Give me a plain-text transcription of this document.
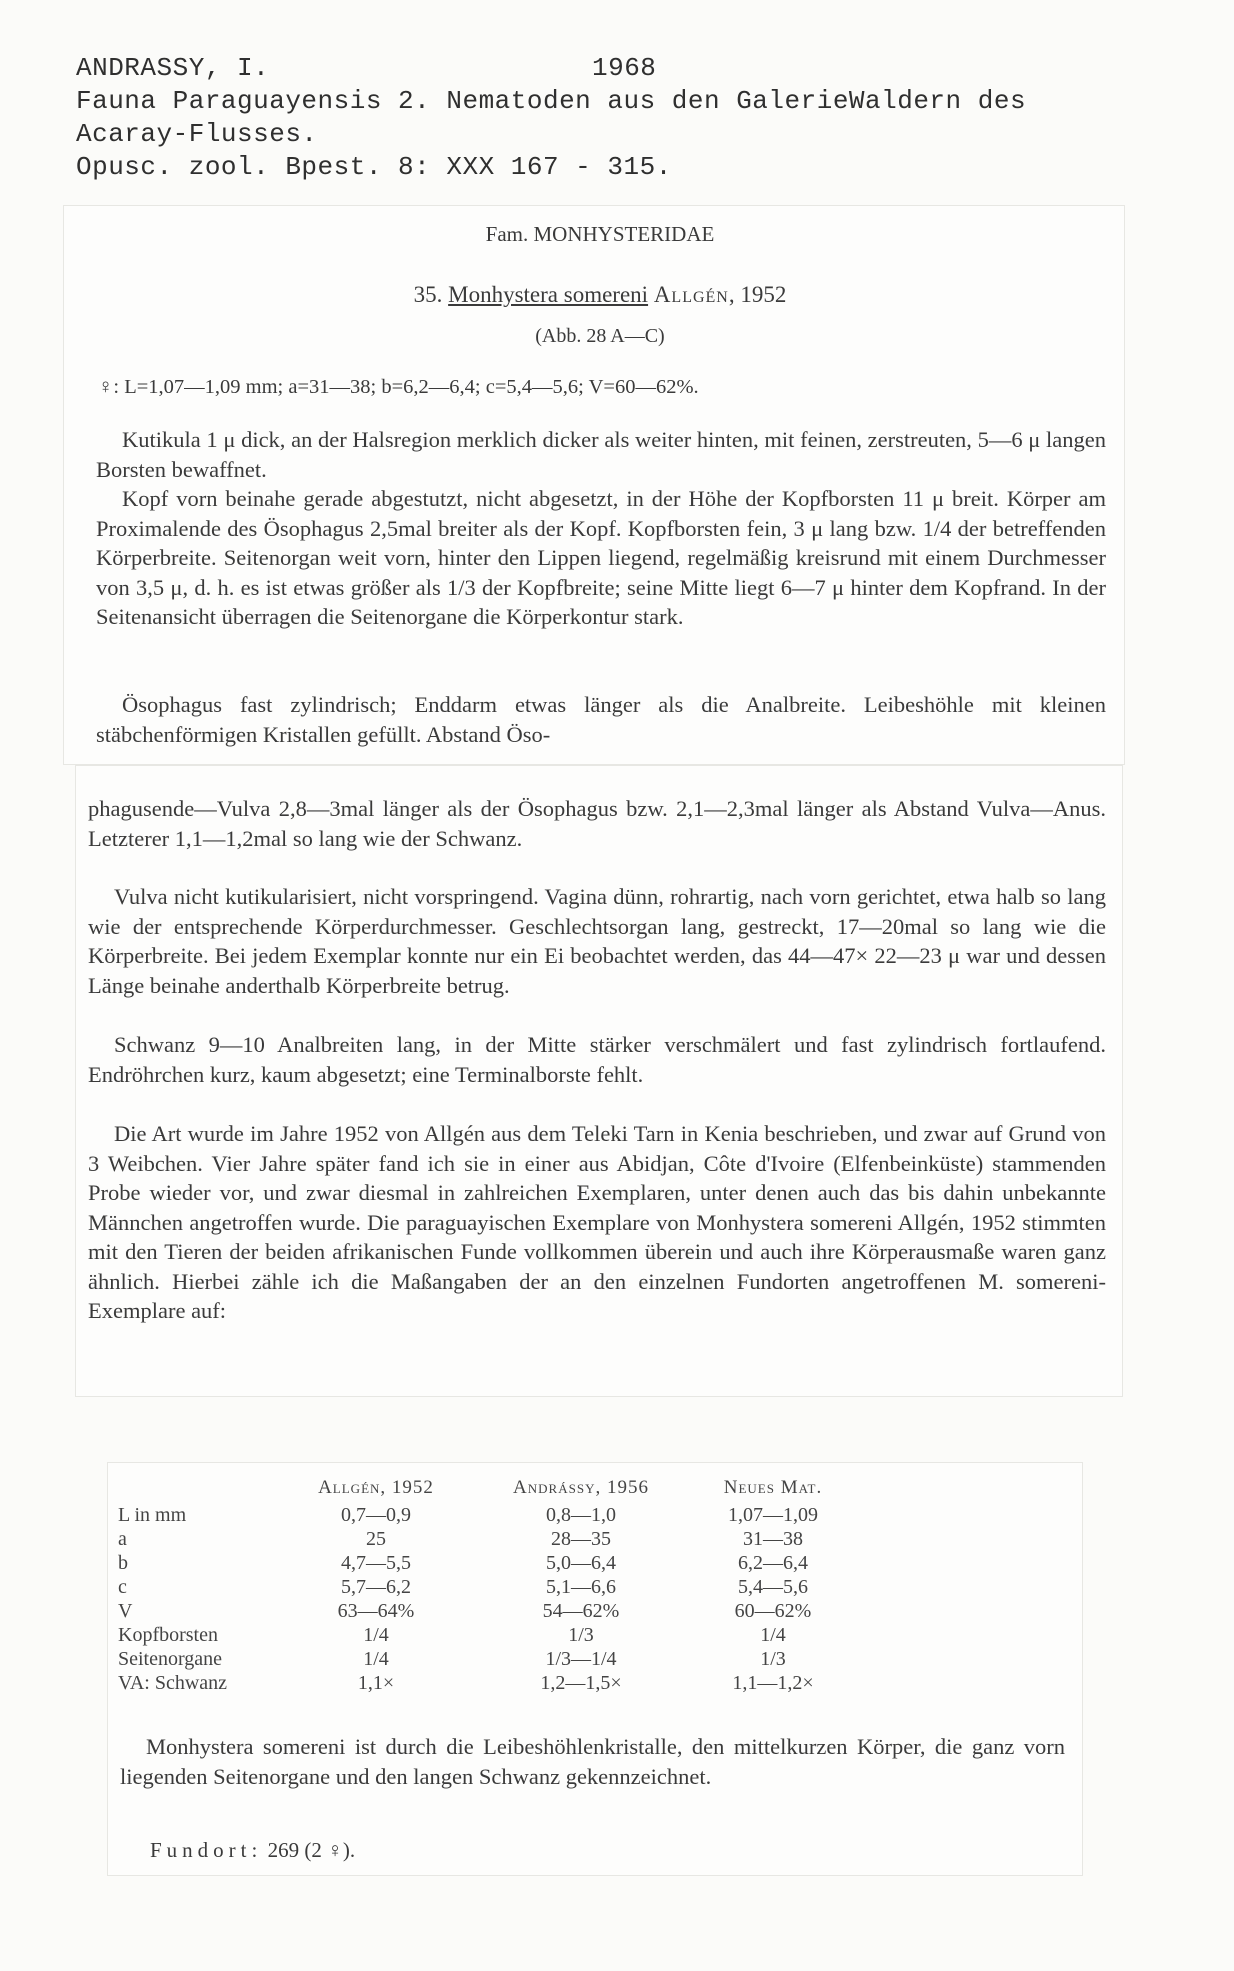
ANDRASSY, I.	1968
Fauna Paraguayensis 2. Nematoden aus den GalerieWaldern des
Acaray-Flusses.
Opusc. zool. Bpest. 8: XXX 167 - 315.
Fam. MONHYSTERIDAE
35. Monhystera somereni Allgén, 1952
(Abb. 28 A—C)
♀: L=1,07—1,09 mm; a=31—38; b=6,2—6,4; c=5,4—5,6; V=60—62%.
Kutikula 1 μ dick, an der Halsregion merklich dicker als weiter hinten, mit feinen, zerstreuten, 5—6 μ langen Borsten bewaffnet.
Kopf vorn beinahe gerade abgestutzt, nicht abgesetzt, in der Höhe der Kopfborsten 11 μ breit. Körper am Proximalende des Ösophagus 2,5mal breiter als der Kopf. Kopfborsten fein, 3 μ lang bzw. 1/4 der betreffenden Körperbreite. Seitenorgan weit vorn, hinter den Lippen liegend, regelmäßig kreisrund mit einem Durchmesser von 3,5 μ, d. h. es ist etwas größer als 1/3 der Kopfbreite; seine Mitte liegt 6—7 μ hinter dem Kopfrand. In der Seitenansicht überragen die Seitenorgane die Körperkontur stark.
Ösophagus fast zylindrisch; Enddarm etwas länger als die Analbreite. Leibeshöhle mit kleinen stäbchenförmigen Kristallen gefüllt. Abstand Öso-
phagusende—Vulva 2,8—3mal länger als der Ösophagus bzw. 2,1—2,3mal länger als Abstand Vulva—Anus. Letzterer 1,1—1,2mal so lang wie der Schwanz.
Vulva nicht kutikularisiert, nicht vorspringend. Vagina dünn, rohrartig, nach vorn gerichtet, etwa halb so lang wie der entsprechende Körperdurchmesser. Geschlechtsorgan lang, gestreckt, 17—20mal so lang wie die Körperbreite. Bei jedem Exemplar konnte nur ein Ei beobachtet werden, das 44—47× 22—23 μ war und dessen Länge beinahe anderthalb Körperbreite betrug.
Schwanz 9—10 Analbreiten lang, in der Mitte stärker verschmälert und fast zylindrisch fortlaufend. Endröhrchen kurz, kaum abgesetzt; eine Terminalborste fehlt.
Die Art wurde im Jahre 1952 von Allgén aus dem Teleki Tarn in Kenia beschrieben, und zwar auf Grund von 3 Weibchen. Vier Jahre später fand ich sie in einer aus Abidjan, Côte d'Ivoire (Elfenbeinküste) stammenden Probe wieder vor, und zwar diesmal in zahlreichen Exemplaren, unter denen auch das bis dahin unbekannte Männchen angetroffen wurde. Die paraguayischen Exemplare von Monhystera somereni Allgén, 1952 stimmten mit den Tieren der beiden afrikanischen Funde vollkommen überein und auch ihre Körperausmaße waren ganz ähnlich. Hierbei zähle ich die Maßangaben der an den einzelnen Fundorten angetroffenen M. somereni-Exemplare auf:
	Allgén, 1952	Andrássy, 1956	Neues Mat.
L in mm	0,7—0,9	0,8—1,0	1,07—1,09
a	25	28—35	31—38
b	4,7—5,5	5,0—6,4	6,2—6,4
c	5,7—6,2	5,1—6,6	5,4—5,6
V	63—64%	54—62%	60—62%
Kopfborsten	1/4	1/3	1/4
Seitenorgane	1/4	1/3—1/4	1/3
VA: Schwanz	1,1×	1,2—1,5×	1,1—1,2×
Monhystera somereni ist durch die Leibeshöhlenkristalle, den mittelkurzen Körper, die ganz vorn liegenden Seitenorgane und den langen Schwanz gekennzeichnet.
Fundort: 269 (2 ♀).
